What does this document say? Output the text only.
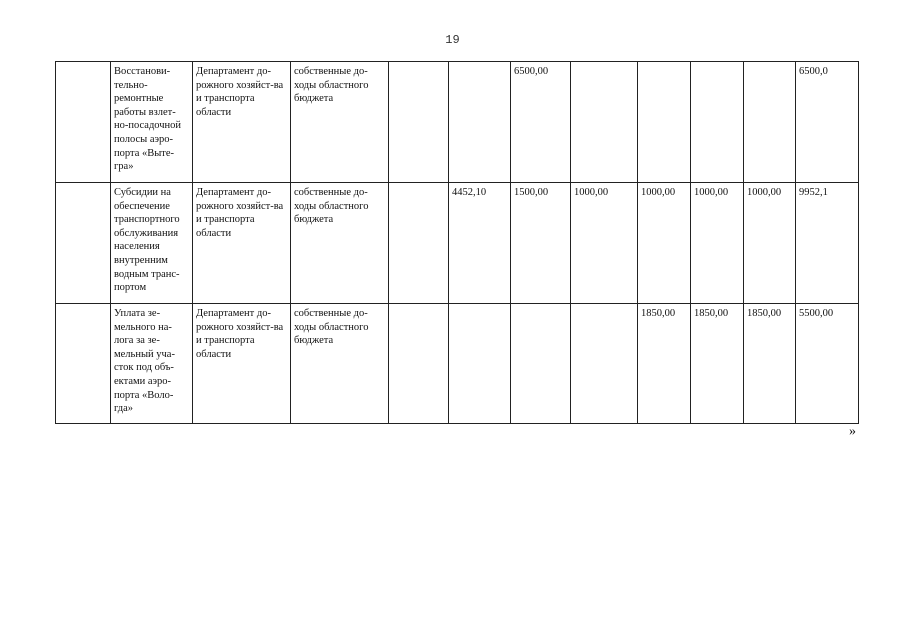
19
	Восстанови-тельно-ремонтные работы взлет-но-посадочной полосы аэро-порта «Выте-гра»	Департамент до-рожного хозяйст-ва и транспорта области	собственные до-ходы областного бюджета			6500,00					6500,0
	Субсидии на обеспечение транспортного обслуживания населения внутренним водным транс-портом	Департамент до-рожного хозяйст-ва и транспорта области	собственные до-ходы областного бюджета		4452,10	1500,00	1000,00	1000,00	1000,00	1000,00	9952,1
	Уплата зе-мельного на-лога за зе-мельный уча-сток под объ-ектами аэро-порта «Воло-гда»	Департамент до-рожного хозяйст-ва и транспорта области	собственные до-ходы областного бюджета					1850,00	1850,00	1850,00	5500,00
»
